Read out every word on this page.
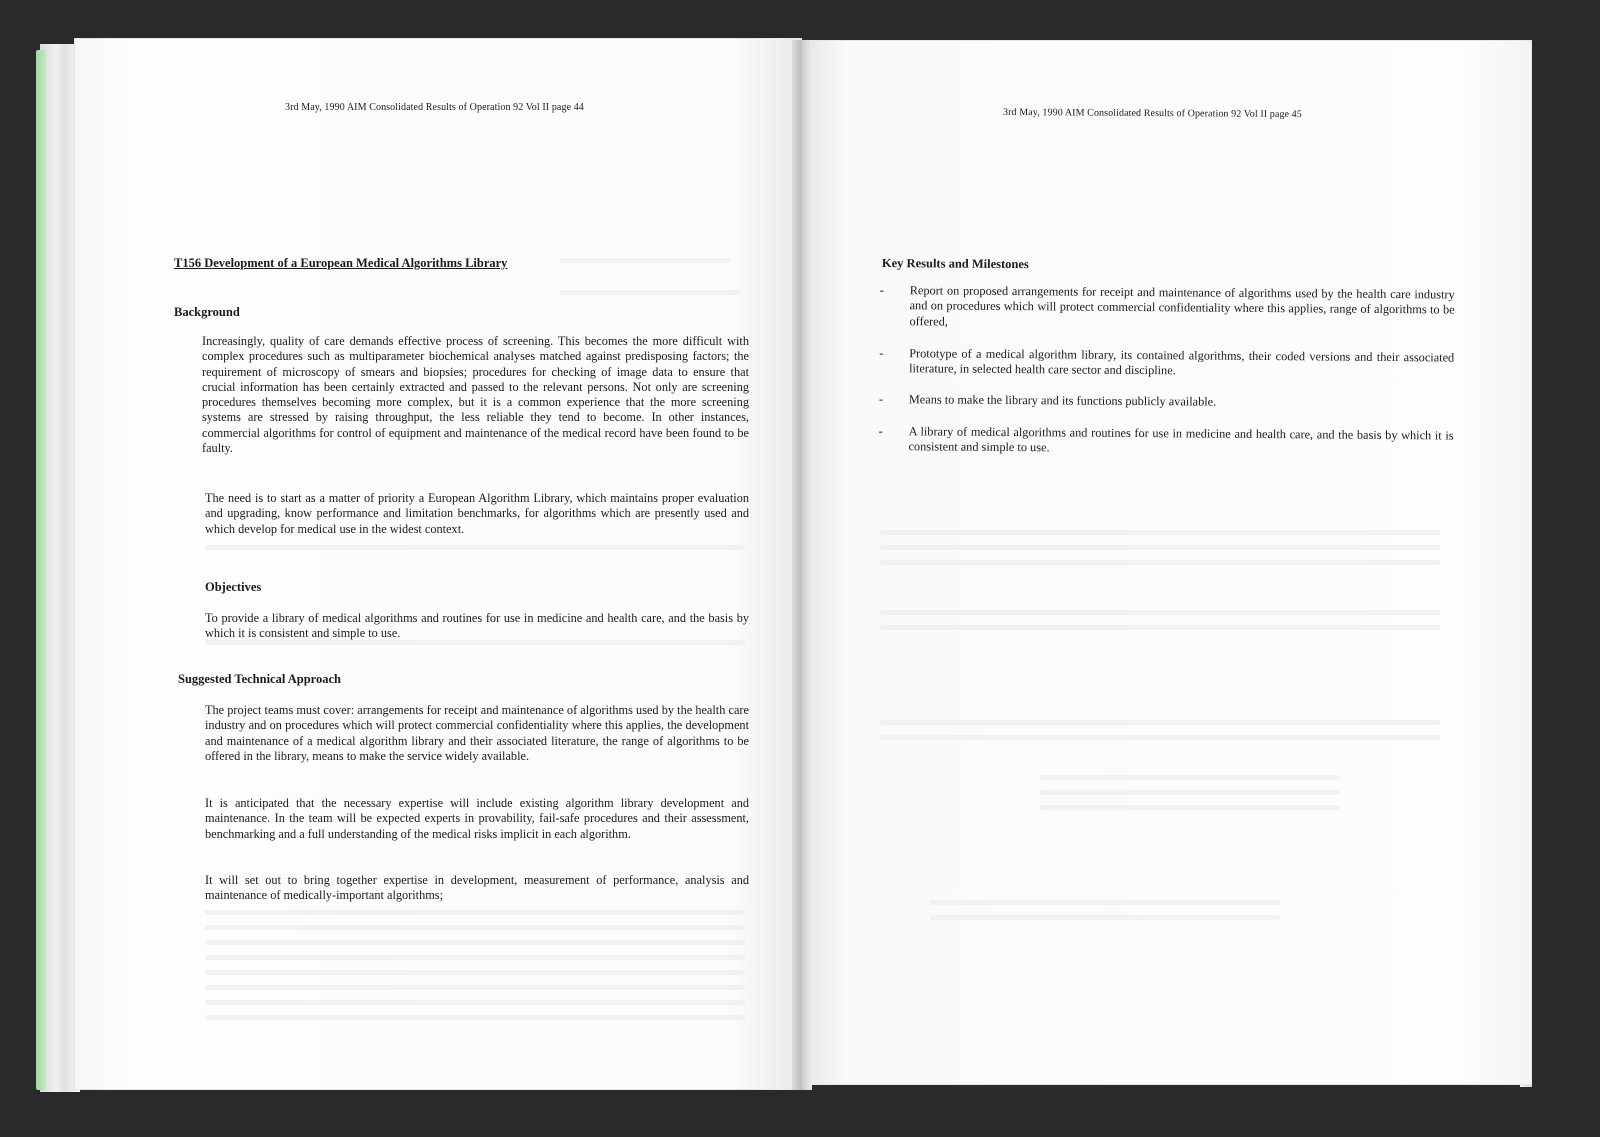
3rd May, 1990 AIM Consolidated Results of Operation 92 Vol II page 44
T156 Development of a European Medical Algorithms Library
Background
Increasingly, quality of care demands effective process of screening. This becomes the more difficult with complex procedures such as multiparameter biochemical analyses matched against predisposing factors; the requirement of microscopy of smears and biopsies; procedures for checking of image data to ensure that crucial information has been certainly extracted and passed to the relevant persons. Not only are screening procedures themselves becoming more complex, but it is a common experience that the more screening systems are stressed by raising throughput, the less reliable they tend to become. In other instances, commercial algorithms for control of equipment and maintenance of the medical record have been found to be faulty.
The need is to start as a matter of priority a European Algorithm Library, which maintains proper evaluation and upgrading, know performance and limitation benchmarks, for algorithms which are presently used and which develop for medical use in the widest context.
Objectives
To provide a library of medical algorithms and routines for use in medicine and health care, and the basis by which it is consistent and simple to use.
Suggested Technical Approach
The project teams must cover: arrangements for receipt and maintenance of algorithms used by the health care industry and on procedures which will protect commercial confidentiality where this applies, the development and maintenance of a medical algorithm library and their associated literature, the range of algorithms to be offered in the library, means to make the service widely available.
It is anticipated that the necessary expertise will include existing algorithm library development and maintenance. In the team will be expected experts in provability, fail-safe procedures and their assessment, benchmarking and a full understanding of the medical risks implicit in each algorithm.
It will set out to bring together expertise in development, measurement of performance, analysis and maintenance of medically-important algorithms;
3rd May, 1990 AIM Consolidated Results of Operation 92 Vol II page 45
Key Results and Milestones
- Report on proposed arrangements for receipt and maintenance of algorithms used by the health care industry and on procedures which will protect commercial confidentiality where this applies, range of algorithms to be offered,
- Prototype of a medical algorithm library, its contained algorithms, their coded versions and their associated literature, in selected health care sector and discipline.
- Means to make the library and its functions publicly available.
- A library of medical algorithms and routines for use in medicine and health care, and the basis by which it is consistent and simple to use.
